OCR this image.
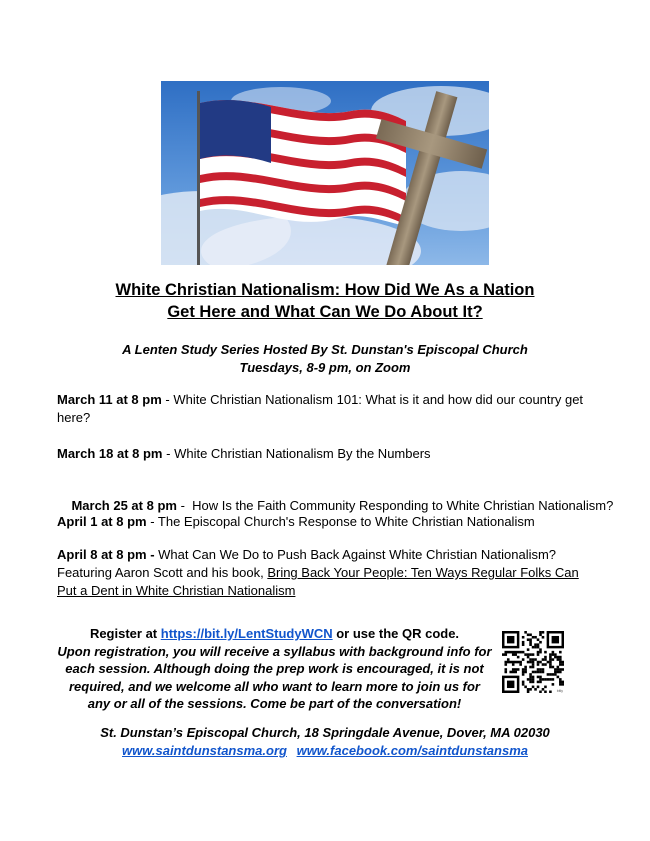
White Christian Nationalism: How Did We As a Nation
Get Here and What Can We Do About It?
A Lenten Study Series Hosted By St. Dunstan's Episcopal Church
Tuesdays, 8-9 pm, on Zoom
March 11 at 8 pm - White Christian Nationalism 101: What is it and how did our country get here?
March 18 at 8 pm - White Christian Nationalism By the Numbers

March 25 at 8 pm -  How Is the Faith Community Responding to White Christian Nationalism?

April 1 at 8 pm - The Episcopal Church's Response to White Christian Nationalism
April 8 at 8 pm - What Can We Do to Push Back Against White Christian Nationalism? Featuring Aaron Scott and his book, Bring Back Your People: Ten Ways Regular Folks Can Put a Dent in White Christian Nationalism
Register at https://bit.ly/LentStudyWCN or use the QR code.
Upon registration, you will receive a syllabus with background info for each session. Although doing the prep work is encouraged, it is not required, and we welcome all who want to learn more to join us for any or all of the sessions. Come be part of the conversation!
bitly
St. Dunstan’s Episcopal Church, 18 Springdale Avenue, Dover, MA 02030
www.saintdunstansma.org www.facebook.com/saintdunstansma
